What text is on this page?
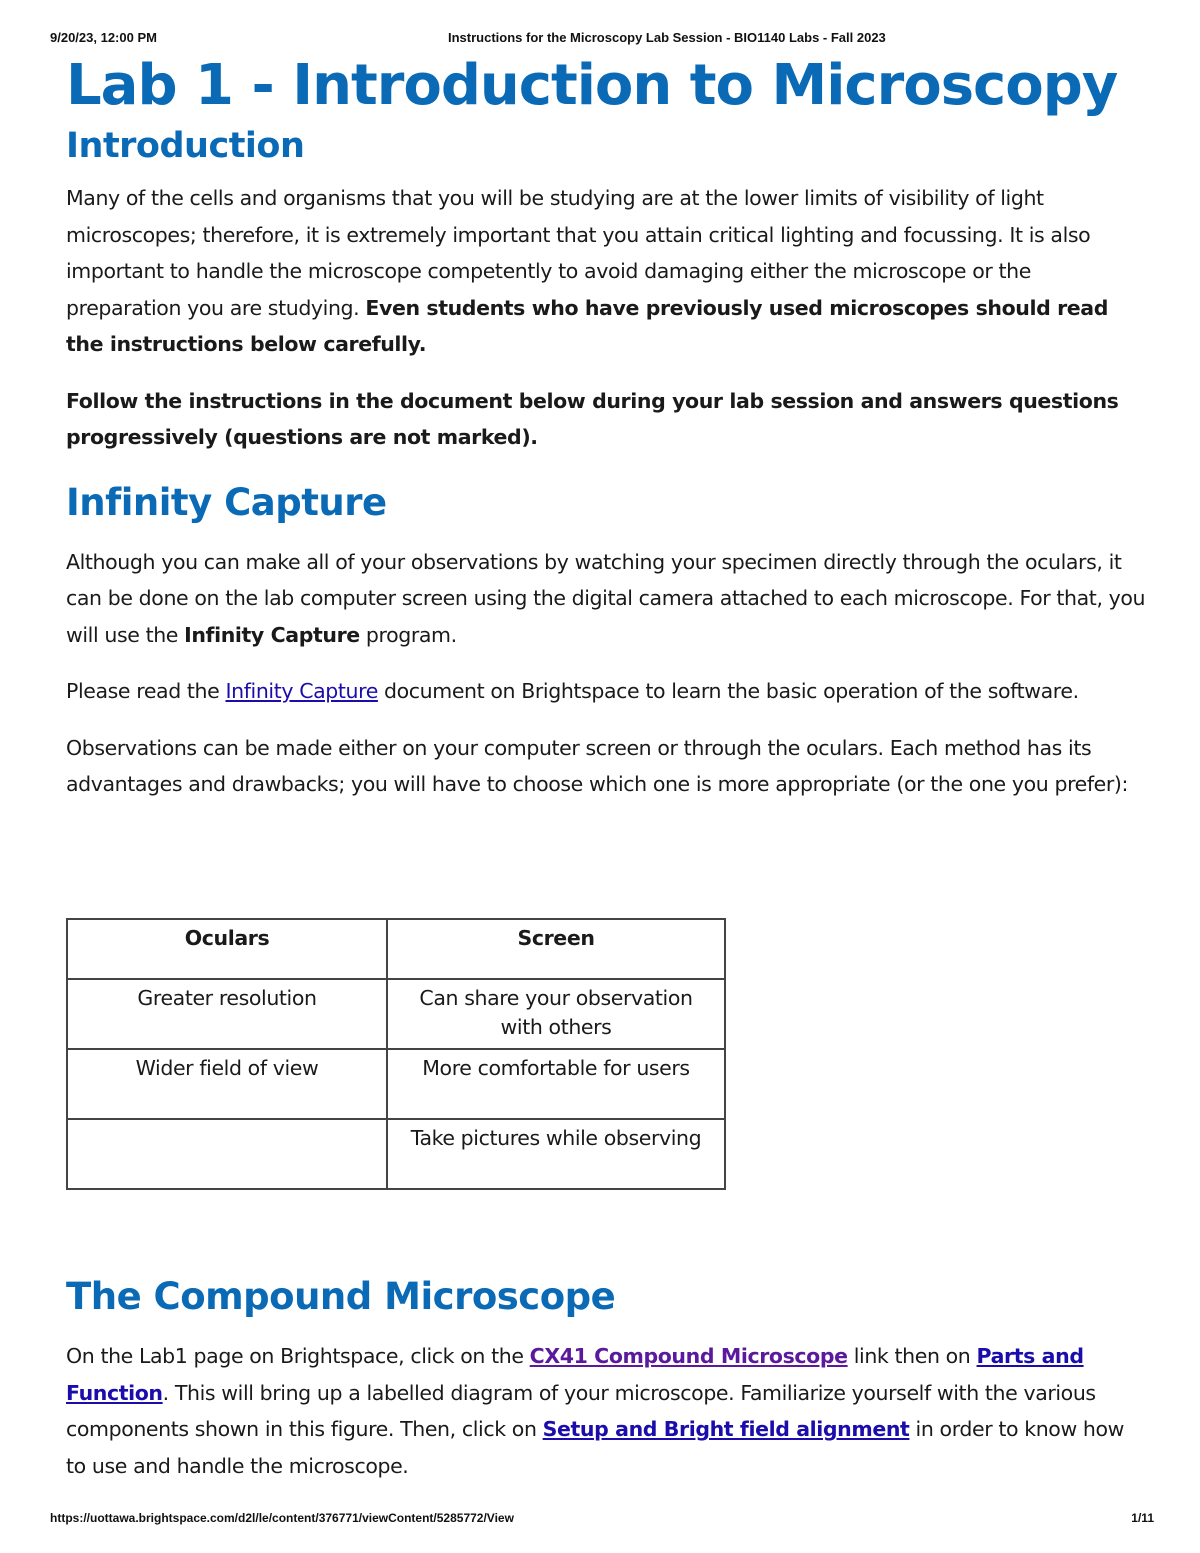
9/20/23, 12:00 PM	Instructions for the Microscopy Lab Session - BIO1140 Labs - Fall 2023
Lab 1 - Introduction to Microscopy
Introduction

Many of the cells and organisms that you will be studying are at the lower limits of visibility of light microscopes; therefore, it is extremely important that you attain critical lighting and focussing. It is also important to handle the microscope competently to avoid damaging either the microscope or the preparation you are studying. Even students who have previously used microscopes should read the instructions below carefully.

Follow the instructions in the document below during your lab session and answers questions progressively (questions are not marked).

Infinity Capture

Although you can make all of your observations by watching your specimen directly through the oculars, it can be done on the lab computer screen using the digital camera attached to each microscope. For that, you will use the Infinity Capture program.

Please read the Infinity Capture document on Brightspace to learn the basic operation of the software.

Observations can be made either on your computer screen or through the oculars. Each method has its advantages and drawbacks; you will have to choose which one is more appropriate (or the one you prefer):

Oculars	Screen
Greater resolution	Can share your observation with others
Wider field of view	More comfortable for users
	Take pictures while observing
The Compound Microscope

On the Lab1 page on Brightspace, click on the CX41 Compound Microscope link then on Parts and Function. This will bring up a labelled diagram of your microscope. Familiarize yourself with the various components shown in this figure. Then, click on Setup and Bright field alignment in order to know how to use and handle the microscope.

https://uottawa.brightspace.com/d2l/le/content/376771/viewContent/5285772/View	1/11
